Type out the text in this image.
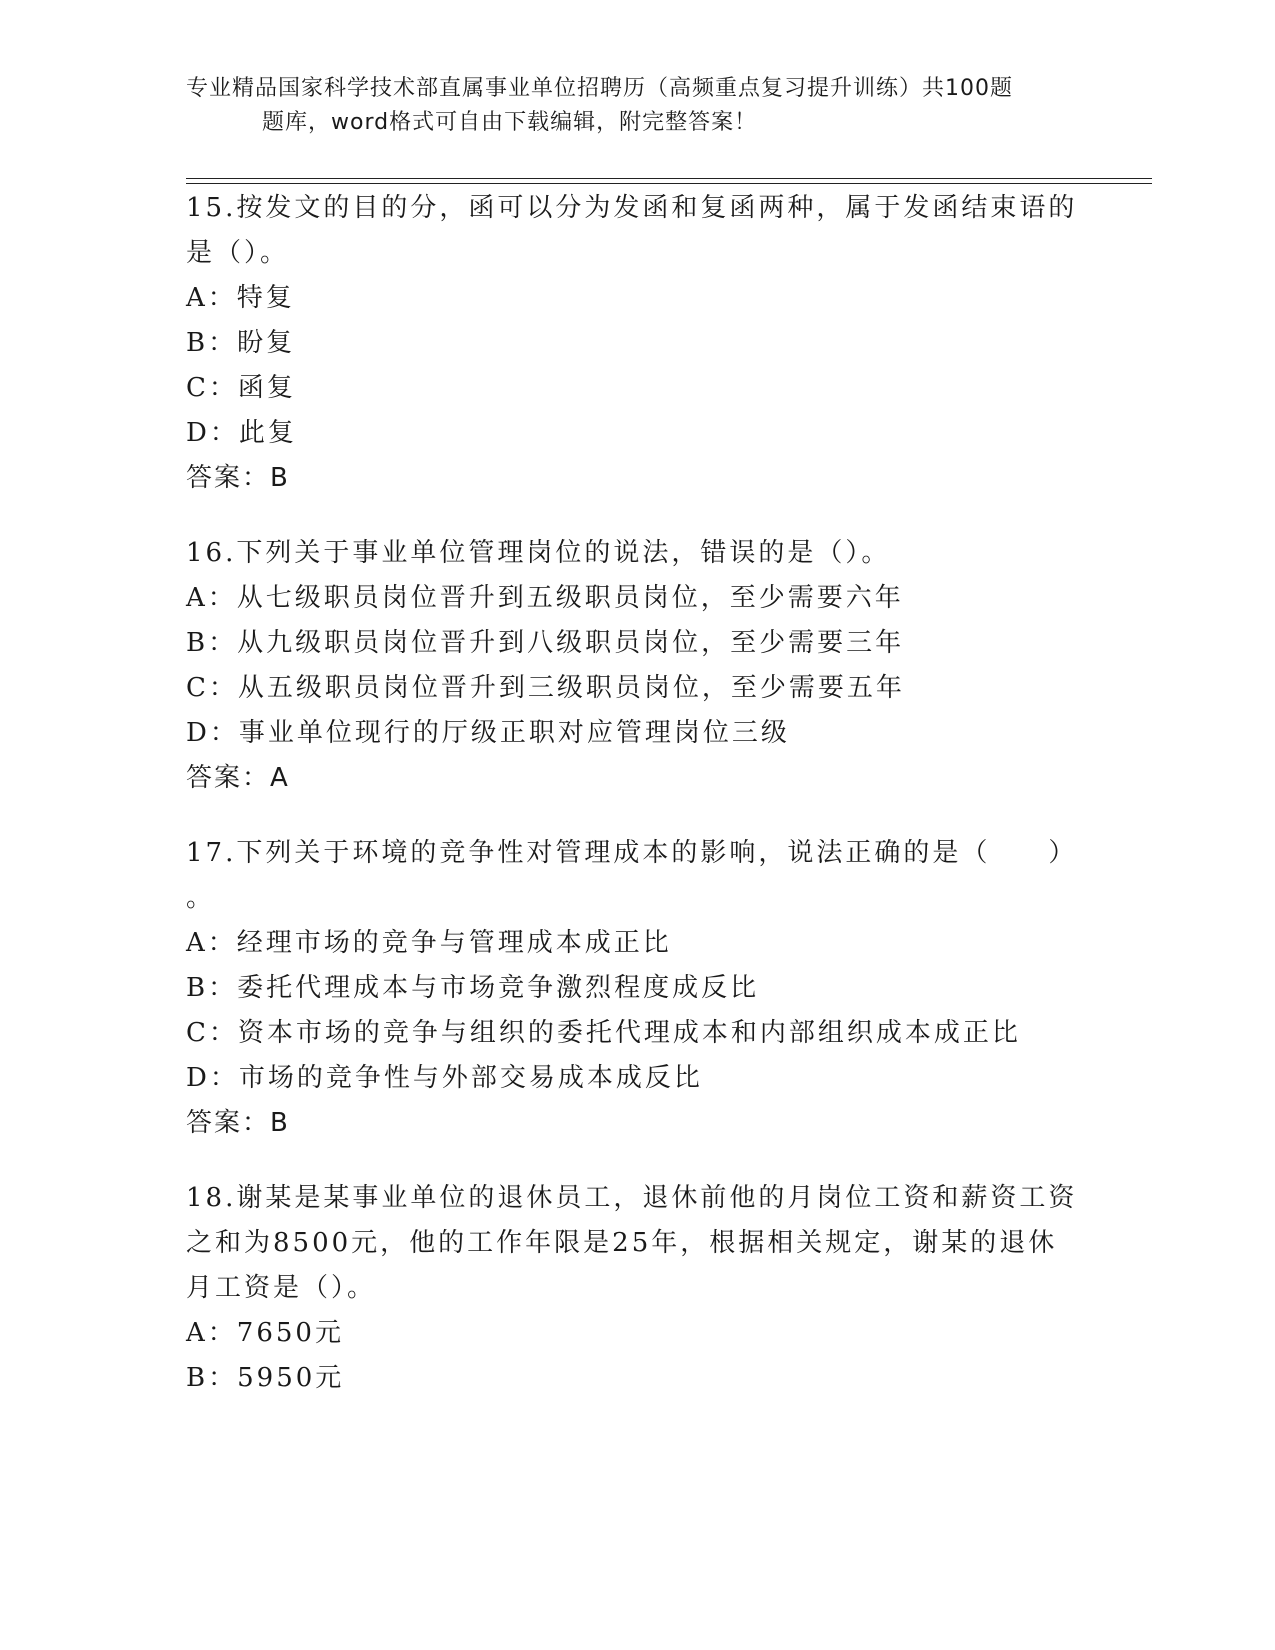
专业精品国家科学技术部直属事业单位招聘历（高频重点复习提升训练）共100题
题库，word格式可自由下载编辑，附完整答案！

15.按发文的目的分，函可以分为发函和复函两种，属于发函结束语的

是（）。

A：特复

B：盼复

C：函复

D：此复

答案：B

16.下列关于事业单位管理岗位的说法，错误的是（）。

A：从七级职员岗位晋升到五级职员岗位，至少需要六年

B：从九级职员岗位晋升到八级职员岗位，至少需要三年

C：从五级职员岗位晋升到三级职员岗位，至少需要五年

D：事业单位现行的厅级正职对应管理岗位三级

答案：A

17.下列关于环境的竞争性对管理成本的影响，说法正确的是（　　）

。

A：经理市场的竞争与管理成本成正比

B：委托代理成本与市场竞争激烈程度成反比

C：资本市场的竞争与组织的委托代理成本和内部组织成本成正比

D：市场的竞争性与外部交易成本成反比

答案：B

18.谢某是某事业单位的退休员工，退休前他的月岗位工资和薪资工资

之和为8500元，他的工作年限是25年，根据相关规定，谢某的退休

月工资是（）。

A：7650元

B：5950元
